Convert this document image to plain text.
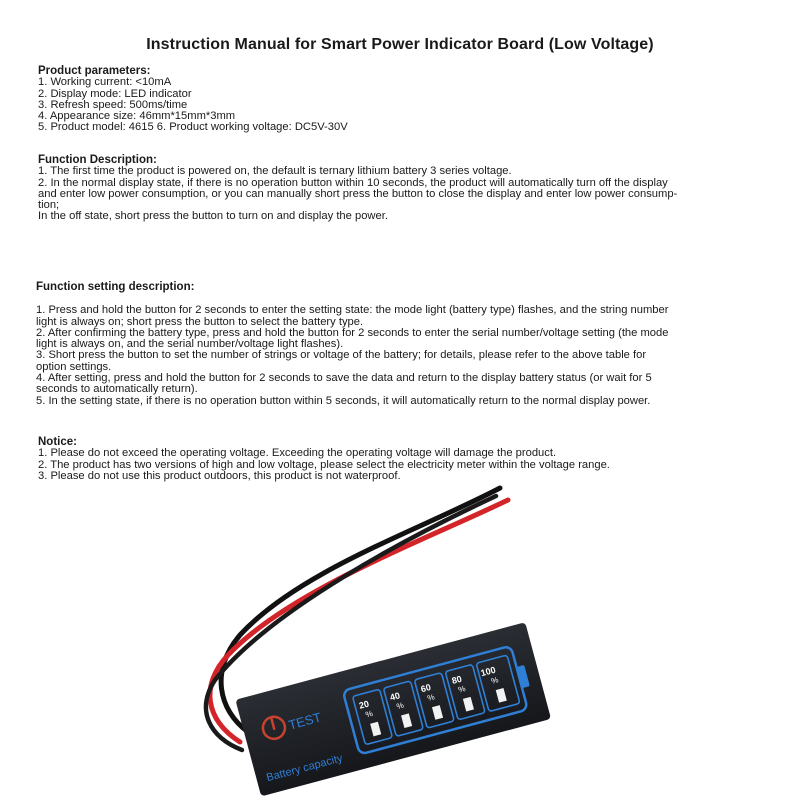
Instruction Manual for Smart Power Indicator Board (Low Voltage)
Product parameters:
1. Working current: <10mA
2. Display mode: LED indicator
3. Refresh speed: 500ms/time
4. Appearance size: 46mm*15mm*3mm
5. Product model: 4615 6. Product working voltage: DC5V-30V
Function Description:
1. The first time the product is powered on, the default is ternary lithium battery 3 series voltage.
2. In the normal display state, if there is no operation button within 10 seconds, the product will automatically turn off the display
and enter low power consumption, or you can manually short press the button to close the display and enter low power consump-
tion;
In the off state, short press the button to turn on and display the power.
Function setting description:
1. Press and hold the button for 2 seconds to enter the setting state: the mode light (battery type) flashes, and the string number
light is always on; short press the button to select the battery type.
2. After confirming the battery type, press and hold the button for 2 seconds to enter the serial number/voltage setting (the mode
light is always on, and the serial number/voltage light flashes).
3. Short press the button to set the number of strings or voltage of the battery; for details, please refer to the above table for
option settings.
4. After setting, press and hold the button for 2 seconds to save the data and return to the display battery status (or wait for 5
seconds to automatically return).
5. In the setting state, if there is no operation button within 5 seconds, it will automatically return to the normal display power.
Notice:
1. Please do not exceed the operating voltage. Exceeding the operating voltage will damage the product.
2. The product has two versions of high and low voltage, please select the electricity meter within the voltage range.
3. Please do not use this product outdoors, this product is not waterproof.
TEST
Battery capacity
20
%
40
%
60
%
80
%
100
%
